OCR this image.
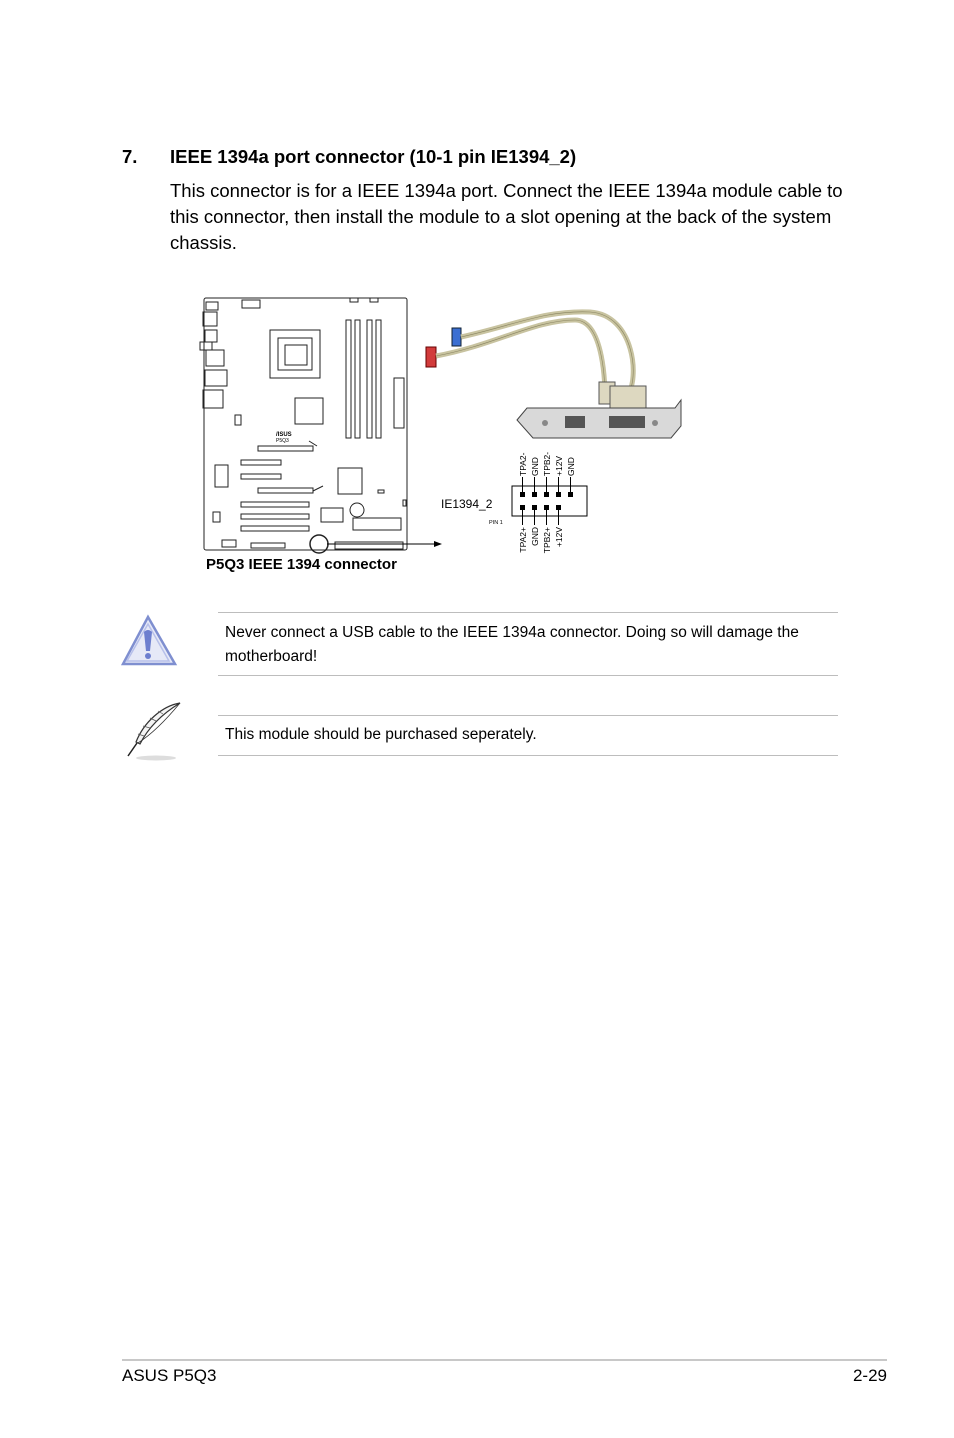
7. IEEE 1394a port connector (10-1 pin IE1394_2)
This connector is for a IEEE 1394a port. Connect the IEEE 1394a module cable to this connector, then install the module to a slot opening at the back of the system chassis.
/ISUS
P5Q3
P5Q3 IEEE 1394 connector
IE1394_2
PIN 1
TPA2- GND TPB2- +12V GND
TPA2+ GND TPB2+ +12V
Never connect a USB cable to the IEEE 1394a connector. Doing so will damage the motherboard!
This module should be purchased seperately.
ASUS P5Q3	2-29
